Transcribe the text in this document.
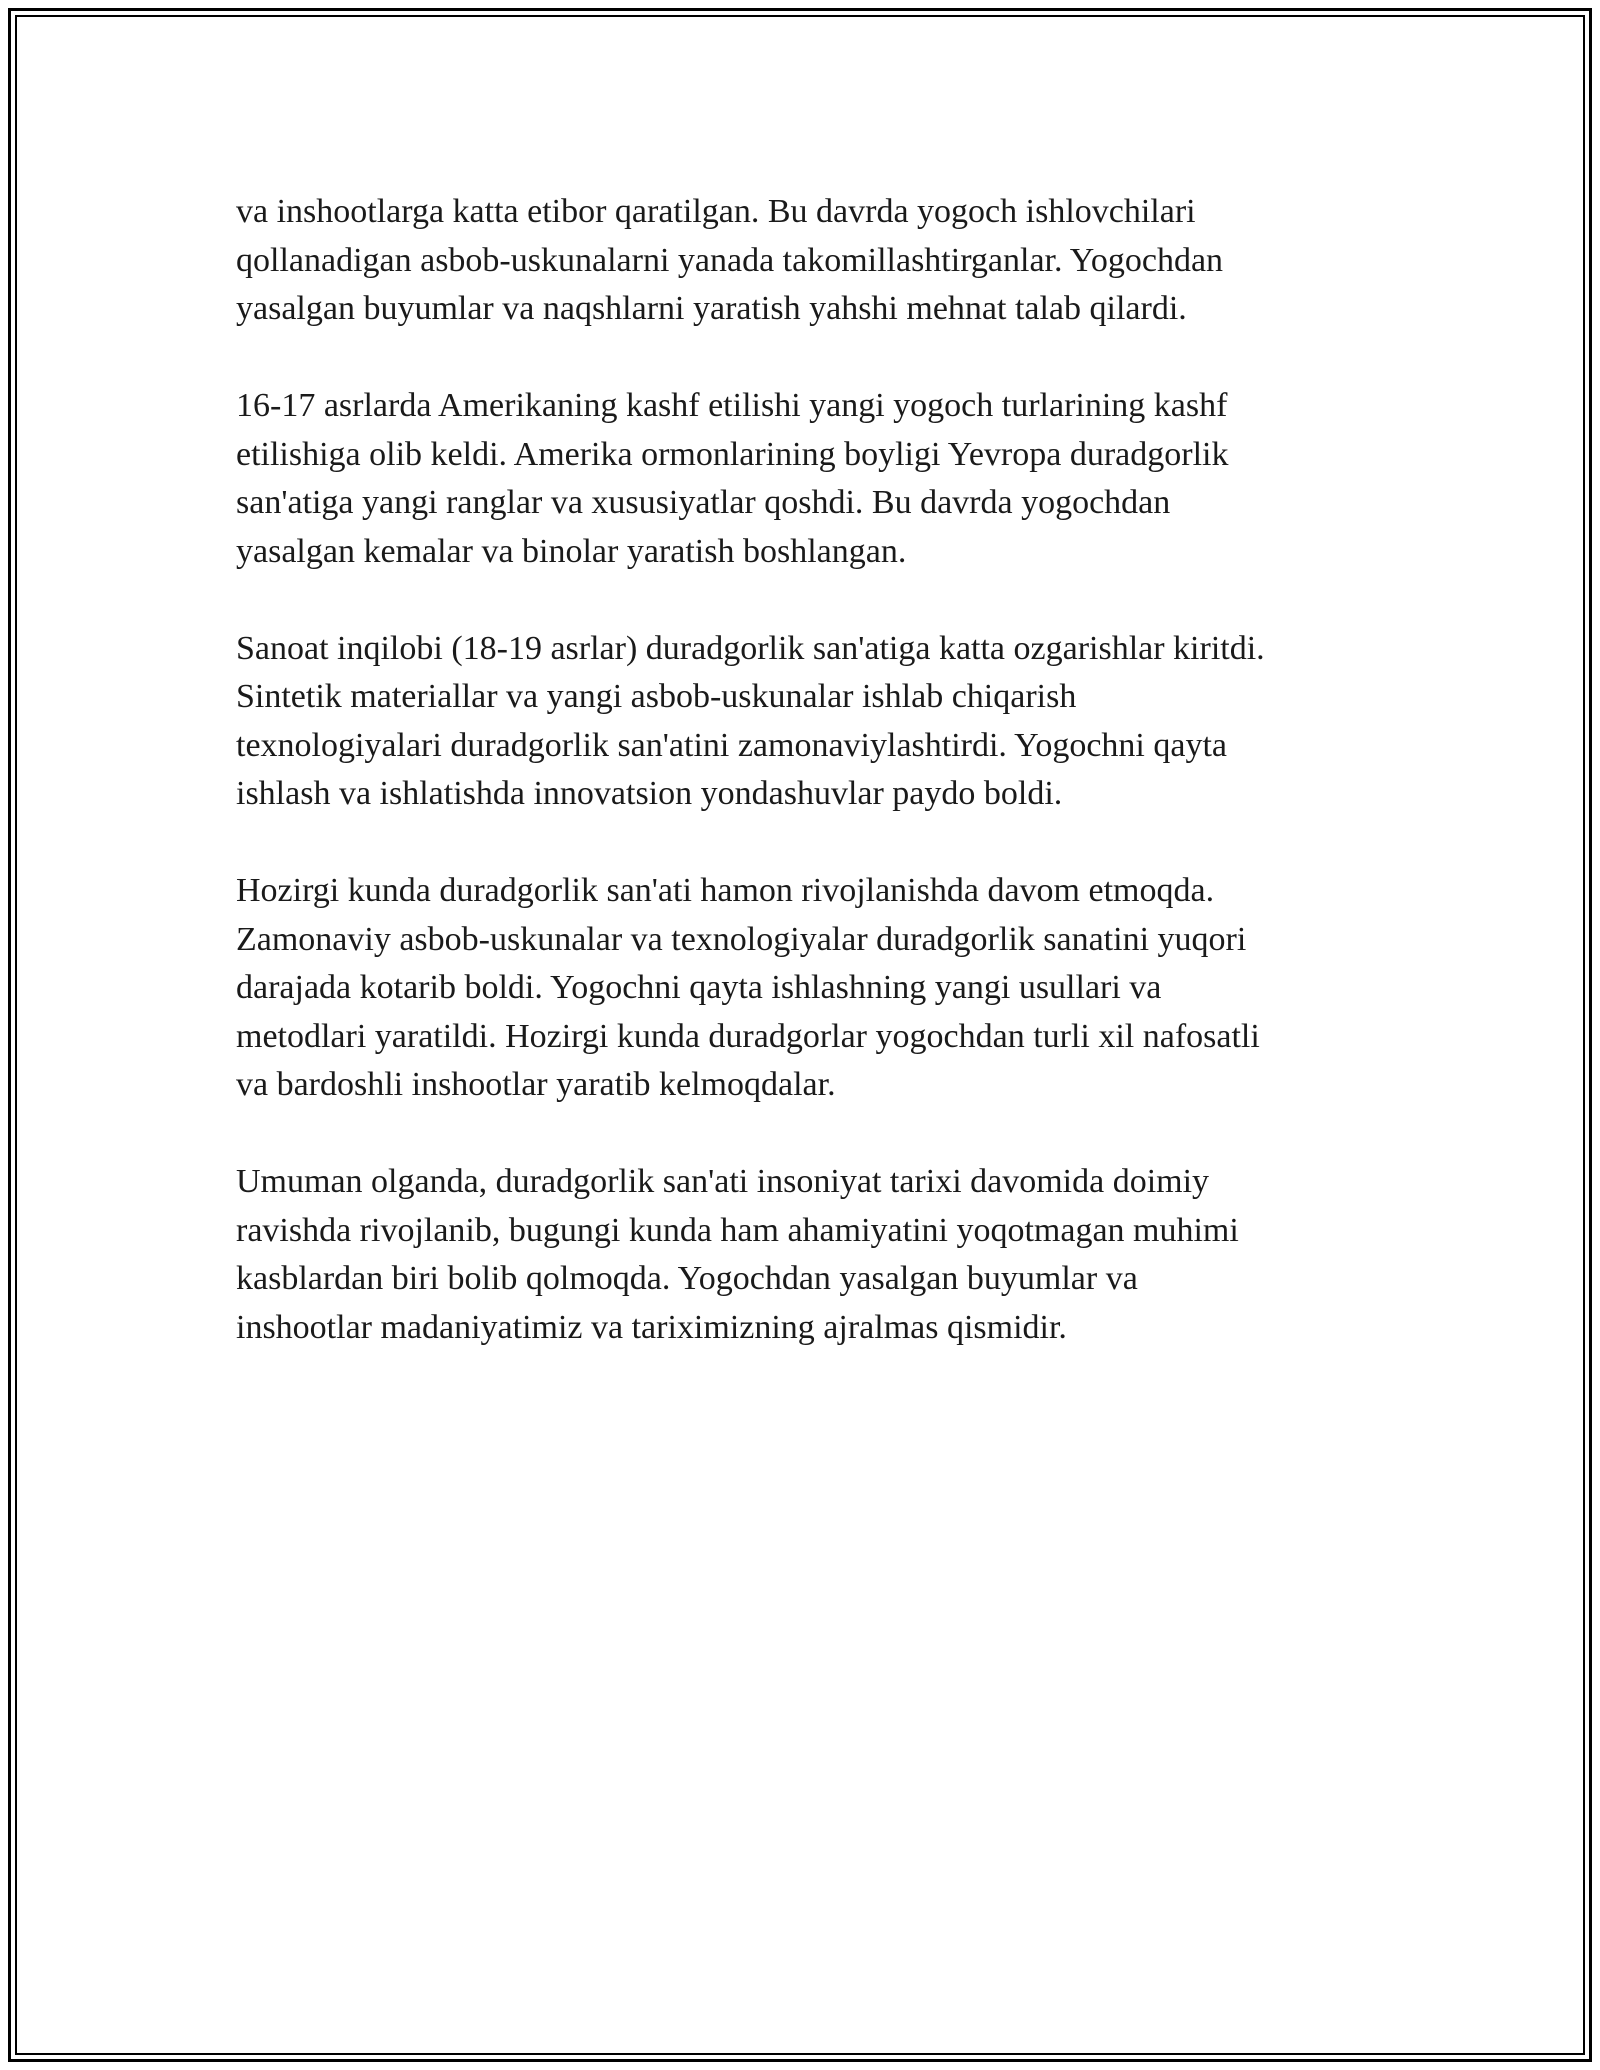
va inshootlarga katta etibor qaratilgan. Bu davrda yogoch ishlovchilari
qollanadigan asbob-uskunalarni yanada takomillashtirganlar. Yogochdan
yasalgan buyumlar va naqshlarni yaratish yahshi mehnat talab qilardi.

16-17 asrlarda Amerikaning kashf etilishi yangi yogoch turlarining kashf
etilishiga olib keldi. Amerika ormonlarining boyligi Yevropa duradgorlik
san'atiga yangi ranglar va xususiyatlar qoshdi. Bu davrda yogochdan
yasalgan kemalar va binolar yaratish boshlangan.

Sanoat inqilobi (18-19 asrlar) duradgorlik san'atiga katta ozgarishlar kiritdi.
Sintetik materiallar va yangi asbob-uskunalar ishlab chiqarish
texnologiyalari duradgorlik san'atini zamonaviylashtirdi. Yogochni qayta
ishlash va ishlatishda innovatsion yondashuvlar paydo boldi.

Hozirgi kunda duradgorlik san'ati hamon rivojlanishda davom etmoqda.
Zamonaviy asbob-uskunalar va texnologiyalar duradgorlik sanatini yuqori
darajada kotarib boldi. Yogochni qayta ishlashning yangi usullari va
metodlari yaratildi. Hozirgi kunda duradgorlar yogochdan turli xil nafosatli
va bardoshli inshootlar yaratib kelmoqdalar.

Umuman olganda, duradgorlik san'ati insoniyat tarixi davomida doimiy
ravishda rivojlanib, bugungi kunda ham ahamiyatini yoqotmagan muhimi
kasblardan biri bolib qolmoqda. Yogochdan yasalgan buyumlar va
inshootlar madaniyatimiz va tariximizning ajralmas qismidir.
